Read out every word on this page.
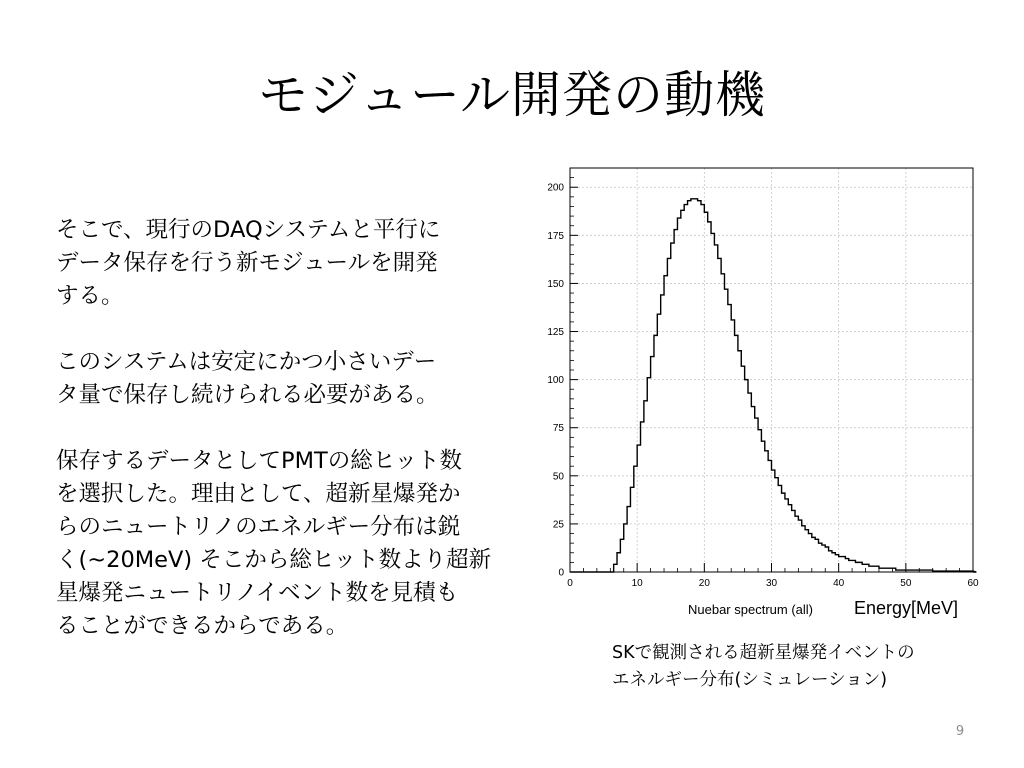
モジュール開発の動機

そこで、現行のDAQシステムと平行に
データ保存を行う新モジュールを開発
する。

このシステムは安定にかつ小さいデー
タ量で保存し続けられる必要がある。

保存するデータとしてPMTの総ヒット数
を選択した。理由として、超新星爆発か
らのニュートリノのエネルギー分布は鋭
く(~20MeV) そこから総ヒット数より超新
星爆発ニュートリノイベント数を見積も
ることができるからである。

0
25
50
75
100
125
150
175
200
0	10	20	30	40	50	60
Nuebar spectrum (all) Energy[MeV]
SKで観測される超新星爆発イベントの
エネルギー分布(シミュレーション)
9
